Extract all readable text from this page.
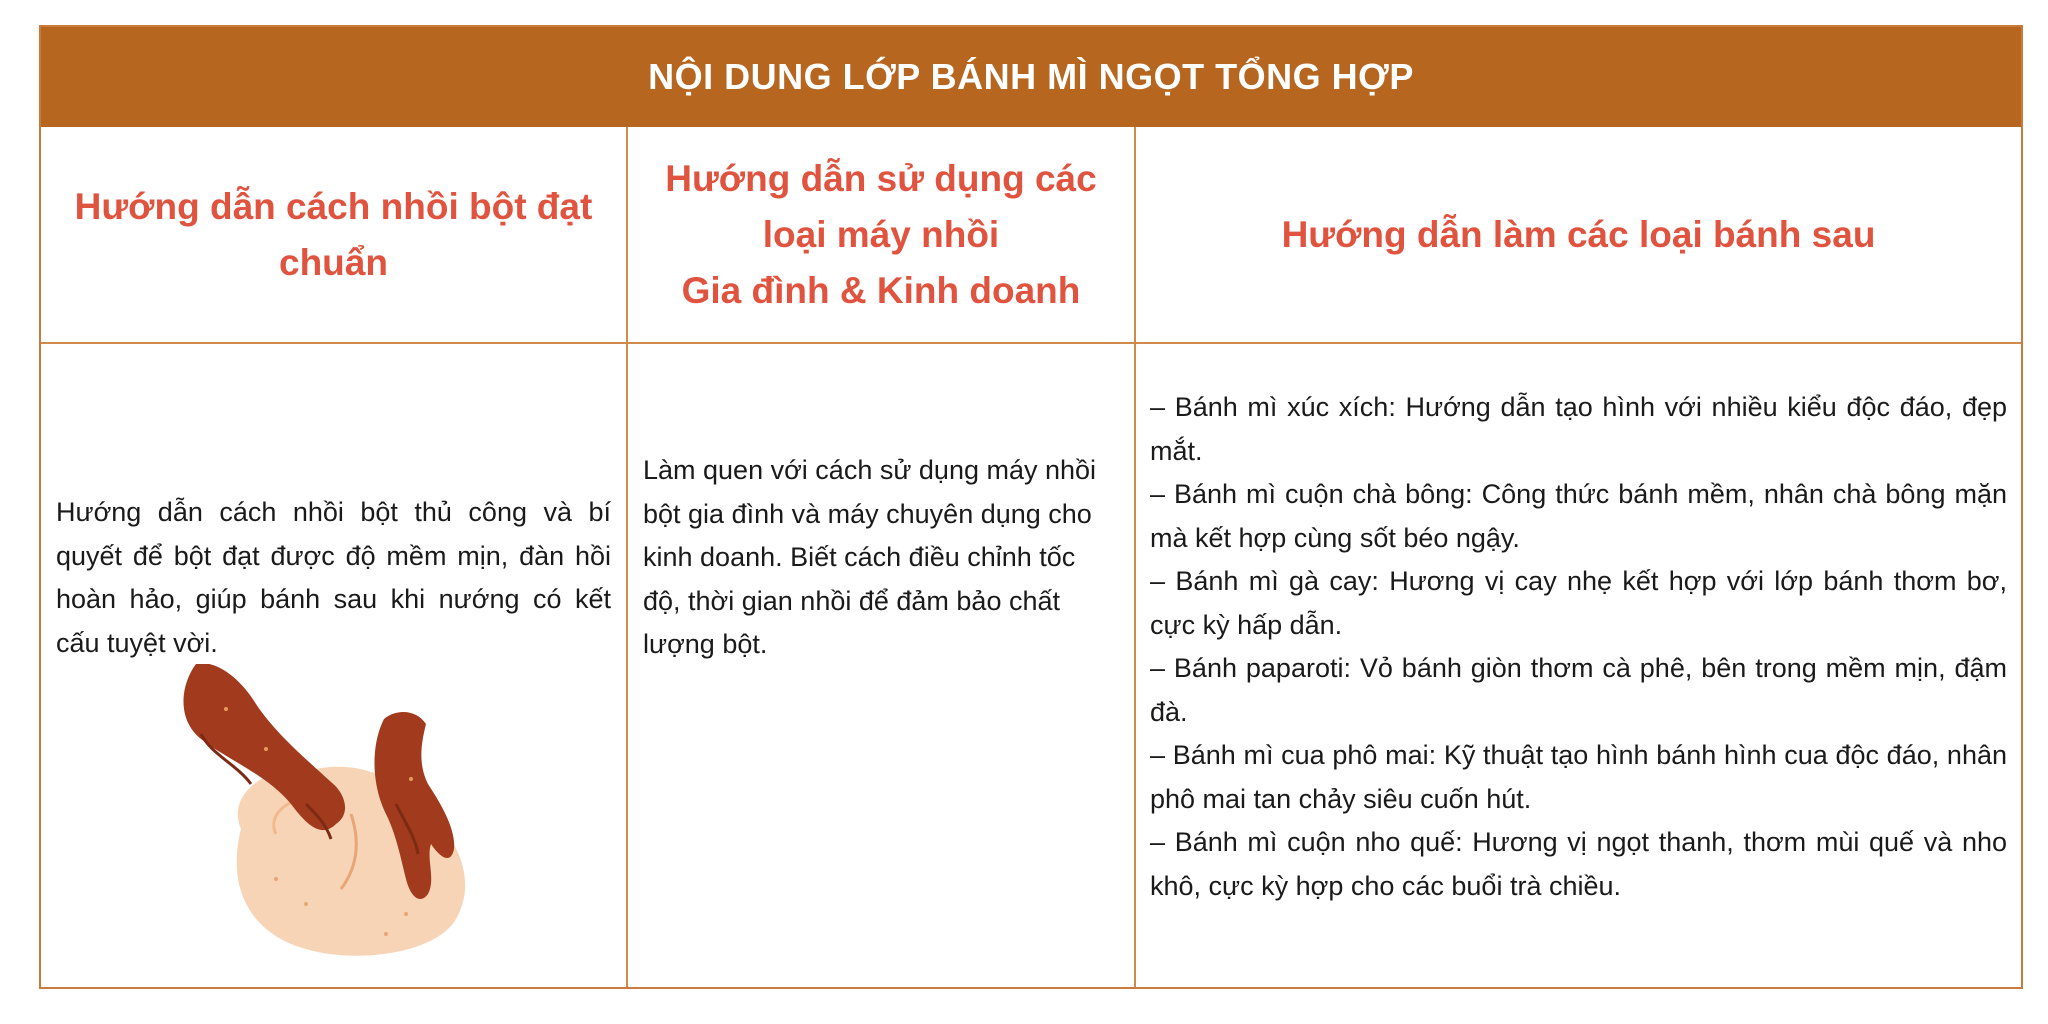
NỘI DUNG LỚP BÁNH MÌ NGỌT TỔNG HỢP
Hướng dẫn cách nhồi bột đạt
chuẩn
Hướng dẫn sử dụng các
loại máy nhồi
Gia đình & Kinh doanh
Hướng dẫn làm các loại bánh sau

Hướng dẫn cách nhồi bột thủ công và bí quyết để bột đạt được độ mềm mịn, đàn hồi hoàn hảo, giúp bánh sau khi nướng có kết cấu tuyệt vời.

Làm quen với cách sử dụng máy nhồi bột gia đình và máy chuyên dụng cho kinh doanh. Biết cách điều chỉnh tốc độ, thời gian nhồi để đảm bảo chất lượng bột.

– Bánh mì xúc xích: Hướng dẫn tạo hình với nhiều kiểu độc đáo, đẹp mắt.

– Bánh mì cuộn chà bông: Công thức bánh mềm, nhân chà bông mặn mà kết hợp cùng sốt béo ngậy.

– Bánh mì gà cay: Hương vị cay nhẹ kết hợp với lớp bánh thơm bơ, cực kỳ hấp dẫn.

– Bánh paparoti: Vỏ bánh giòn thơm cà phê, bên trong mềm mịn, đậm đà.

– Bánh mì cua phô mai: Kỹ thuật tạo hình bánh hình cua độc đáo, nhân phô mai tan chảy siêu cuốn hút.

– Bánh mì cuộn nho quế: Hương vị ngọt thanh, thơm mùi quế và nho khô, cực kỳ hợp cho các buổi trà chiều.
